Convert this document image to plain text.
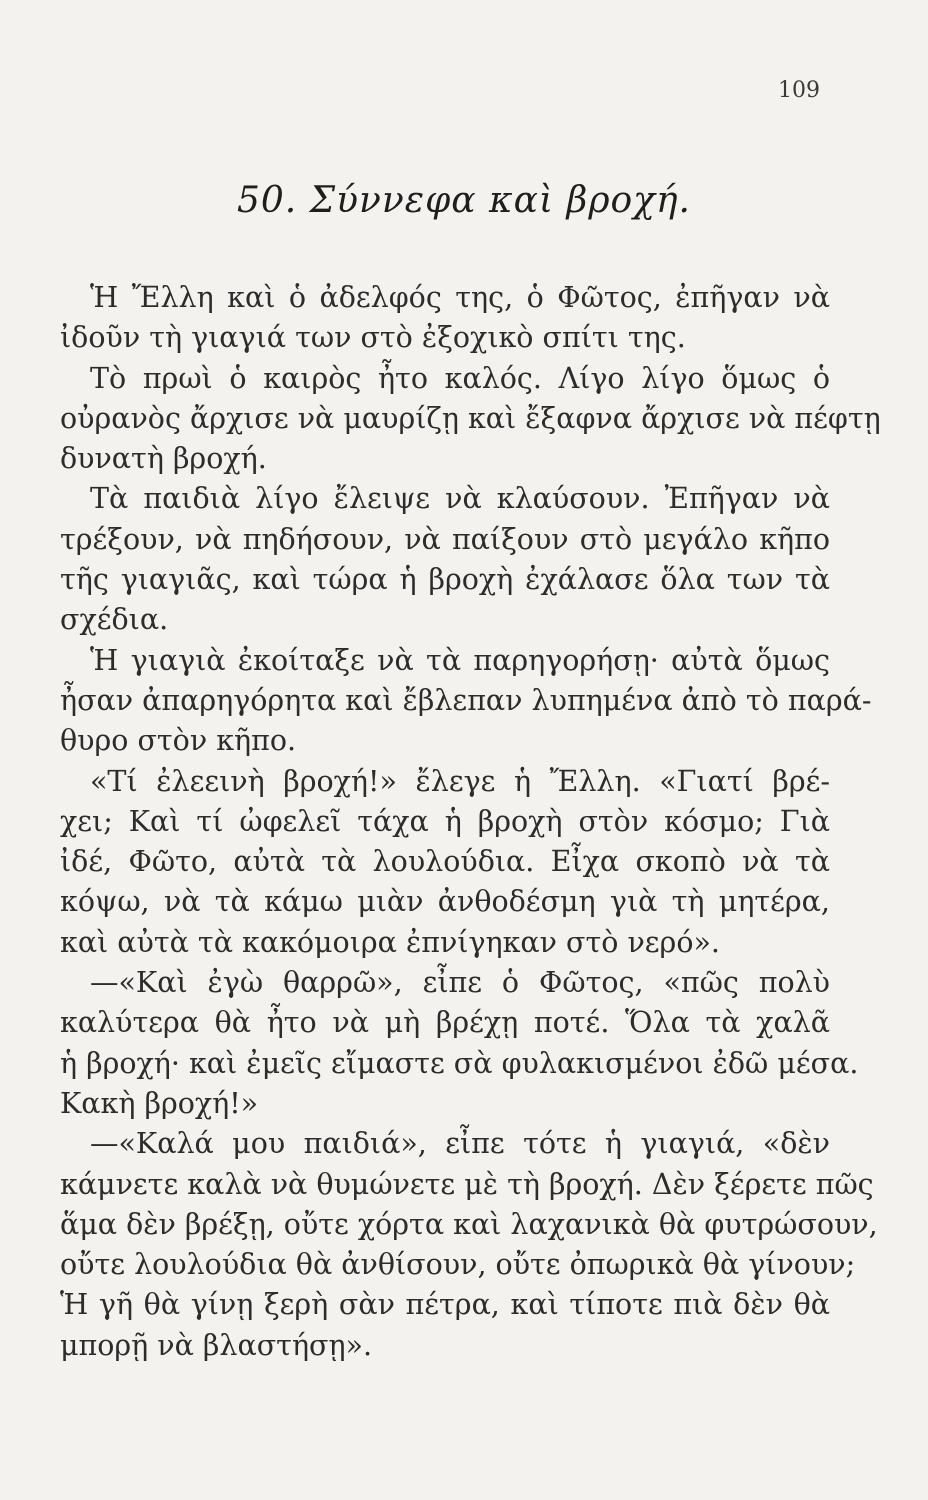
109
50. Σύννεφα καὶ βροχή.
Ἡ Ἔλλη καὶ ὁ ἀδελφός της, ὁ Φῶτος, ἐπῆγαν νὰ
ἰδοῦν τὴ γιαγιά των στὸ ἐξοχικὸ σπίτι της.
Τὸ πρωὶ ὁ καιρὸς ἦτο καλός. Λίγο λίγο ὅμως ὁ
οὐρανὸς ἄρχισε νὰ μαυρίζῃ καὶ ἔξαφνα ἄρχισε νὰ πέφτῃ
δυνατὴ βροχή.
Τὰ παιδιὰ λίγο ἔλειψε νὰ κλαύσουν. Ἐπῆγαν νὰ
τρέξουν, νὰ πηδήσουν, νὰ παίξουν στὸ μεγάλο κῆπο
τῆς γιαγιᾶς, καὶ τώρα ἡ βροχὴ ἐχάλασε ὅλα των τὰ
σχέδια.
Ἡ γιαγιὰ ἐκοίταξε νὰ τὰ παρηγορήσῃ· αὐτὰ ὅμως
ἦσαν ἀπαρηγόρητα καὶ ἔβλεπαν λυπημένα ἀπὸ τὸ παρά-
θυρο στὸν κῆπο.
«Τί ἐλεεινὴ βροχή!» ἔλεγε ἡ Ἔλλη. «Γιατί βρέ-
χει; Καὶ τί ὠφελεῖ τάχα ἡ βροχὴ στὸν κόσμο; Γιὰ
ἰδέ, Φῶτο, αὐτὰ τὰ λουλούδια. Εἶχα σκοπὸ νὰ τὰ
κόψω, νὰ τὰ κάμω μιὰν ἀνθοδέσμη γιὰ τὴ μητέρα,
καὶ αὐτὰ τὰ κακόμοιρα ἐπνίγηκαν στὸ νερό».
—«Καὶ ἐγὼ θαρρῶ», εἶπε ὁ Φῶτος, «πῶς πολὺ
καλύτερα θὰ ἦτο νὰ μὴ βρέχῃ ποτέ. Ὅλα τὰ χαλᾶ
ἡ βροχή· καὶ ἐμεῖς εἴμαστε σὰ φυλακισμένοι ἐδῶ μέσα.
Κακὴ βροχή!»
—«Καλά μου παιδιά», εἶπε τότε ἡ γιαγιά, «δὲν
κάμνετε καλὰ νὰ θυμώνετε μὲ τὴ βροχή. Δὲν ξέρετε πῶς
ἅμα δὲν βρέξῃ, οὔτε χόρτα καὶ λαχανικὰ θὰ φυτρώσουν,
οὔτε λουλούδια θὰ ἀνθίσουν, οὔτε ὀπωρικὰ θὰ γίνουν;
Ἡ γῆ θὰ γίνῃ ξερὴ σὰν πέτρα, καὶ τίποτε πιὰ δὲν θὰ
μπορῇ νὰ βλαστήσῃ».
